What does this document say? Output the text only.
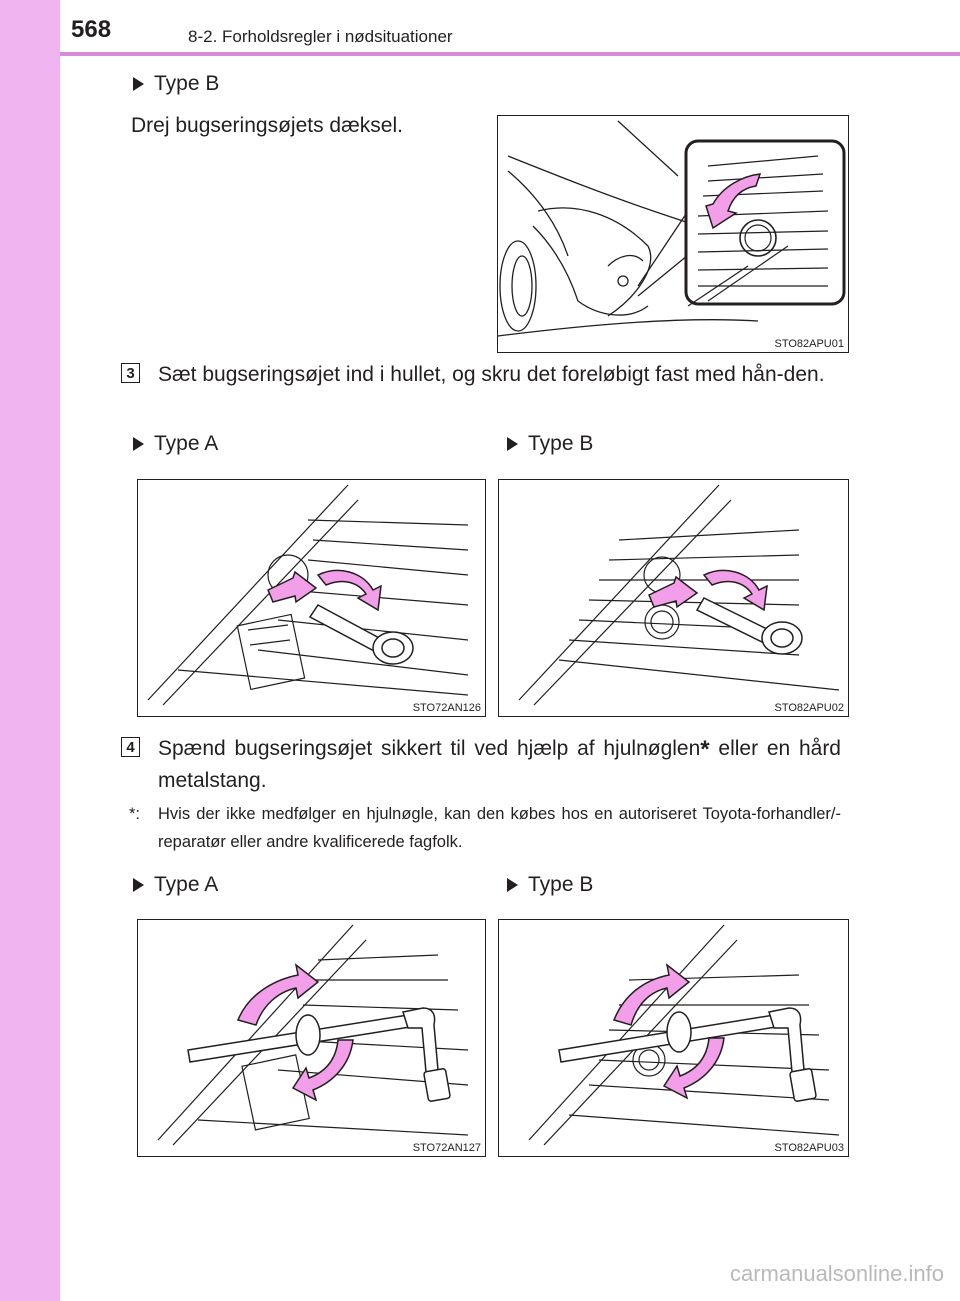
568	8-2. Forholdsregler i nødsituationer
Type B
Drej bugseringsøjets dæksel.
STO82APU01
3 Sæt bugseringsøjet ind i hullet, og skru det foreløbigt fast med hån-den.
Type A	Type B
STO72AN126	STO82APU02
4 Spænd bugseringsøjet sikkert til ved hjælp af hjulnøglen* eller en hård metalstang.
*: Hvis der ikke medfølger en hjulnøgle, kan den købes hos en autoriseret Toyota-forhandler/-reparatør eller andre kvalificerede fagfolk.
Type A	Type B
STO72AN127	STO82APU03
carmanualsonline.info
